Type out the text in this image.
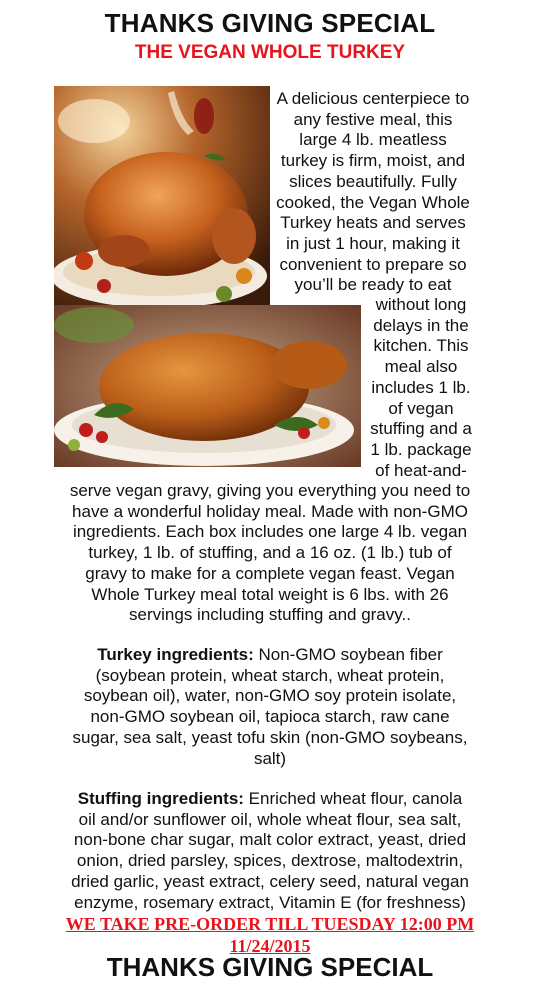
THANKS GIVING SPECIAL
THE VEGAN WHOLE TURKEY
A delicious centerpiece to
any festive meal, this
large 4 lb. meatless
turkey is firm, moist, and
slices beautifully. Fully
cooked, the Vegan Whole
Turkey heats and serves
in just 1 hour, making it
convenient to prepare so
you’ll be ready to eat
without long
delays in the
kitchen. This
meal also
includes 1 lb.
of vegan
stuffing and a
1 lb. package
of heat-and-
serve vegan gravy, giving you everything you need to
have a wonderful holiday meal. Made with non-GMO
ingredients. Each box includes one large 4 lb. vegan
turkey, 1 lb. of stuffing, and a 16 oz. (1 lb.) tub of
gravy to make for a complete vegan feast. Vegan
Whole Turkey meal total weight is 6 lbs. with 26
servings including stuffing and gravy..
Turkey ingredients: Non-GMO soybean fiber
(soybean protein, wheat starch, wheat protein,
soybean oil), water, non-GMO soy protein isolate,
non-GMO soybean oil, tapioca starch, raw cane
sugar, sea salt, yeast tofu skin (non-GMO soybeans,
salt)
Stuffing ingredients: Enriched wheat flour, canola
oil and/or sunflower oil, whole wheat flour, sea salt,
non-bone char sugar, malt color extract, yeast, dried
onion, dried parsley, spices, dextrose, maltodextrin,
dried garlic, yeast extract, celery seed, natural vegan
enzyme, rosemary extract, Vitamin E (for freshness)
WE TAKE PRE-ORDER TILL TUESDAY 12:00 PM
11/24/2015
THANKS GIVING SPECIAL
